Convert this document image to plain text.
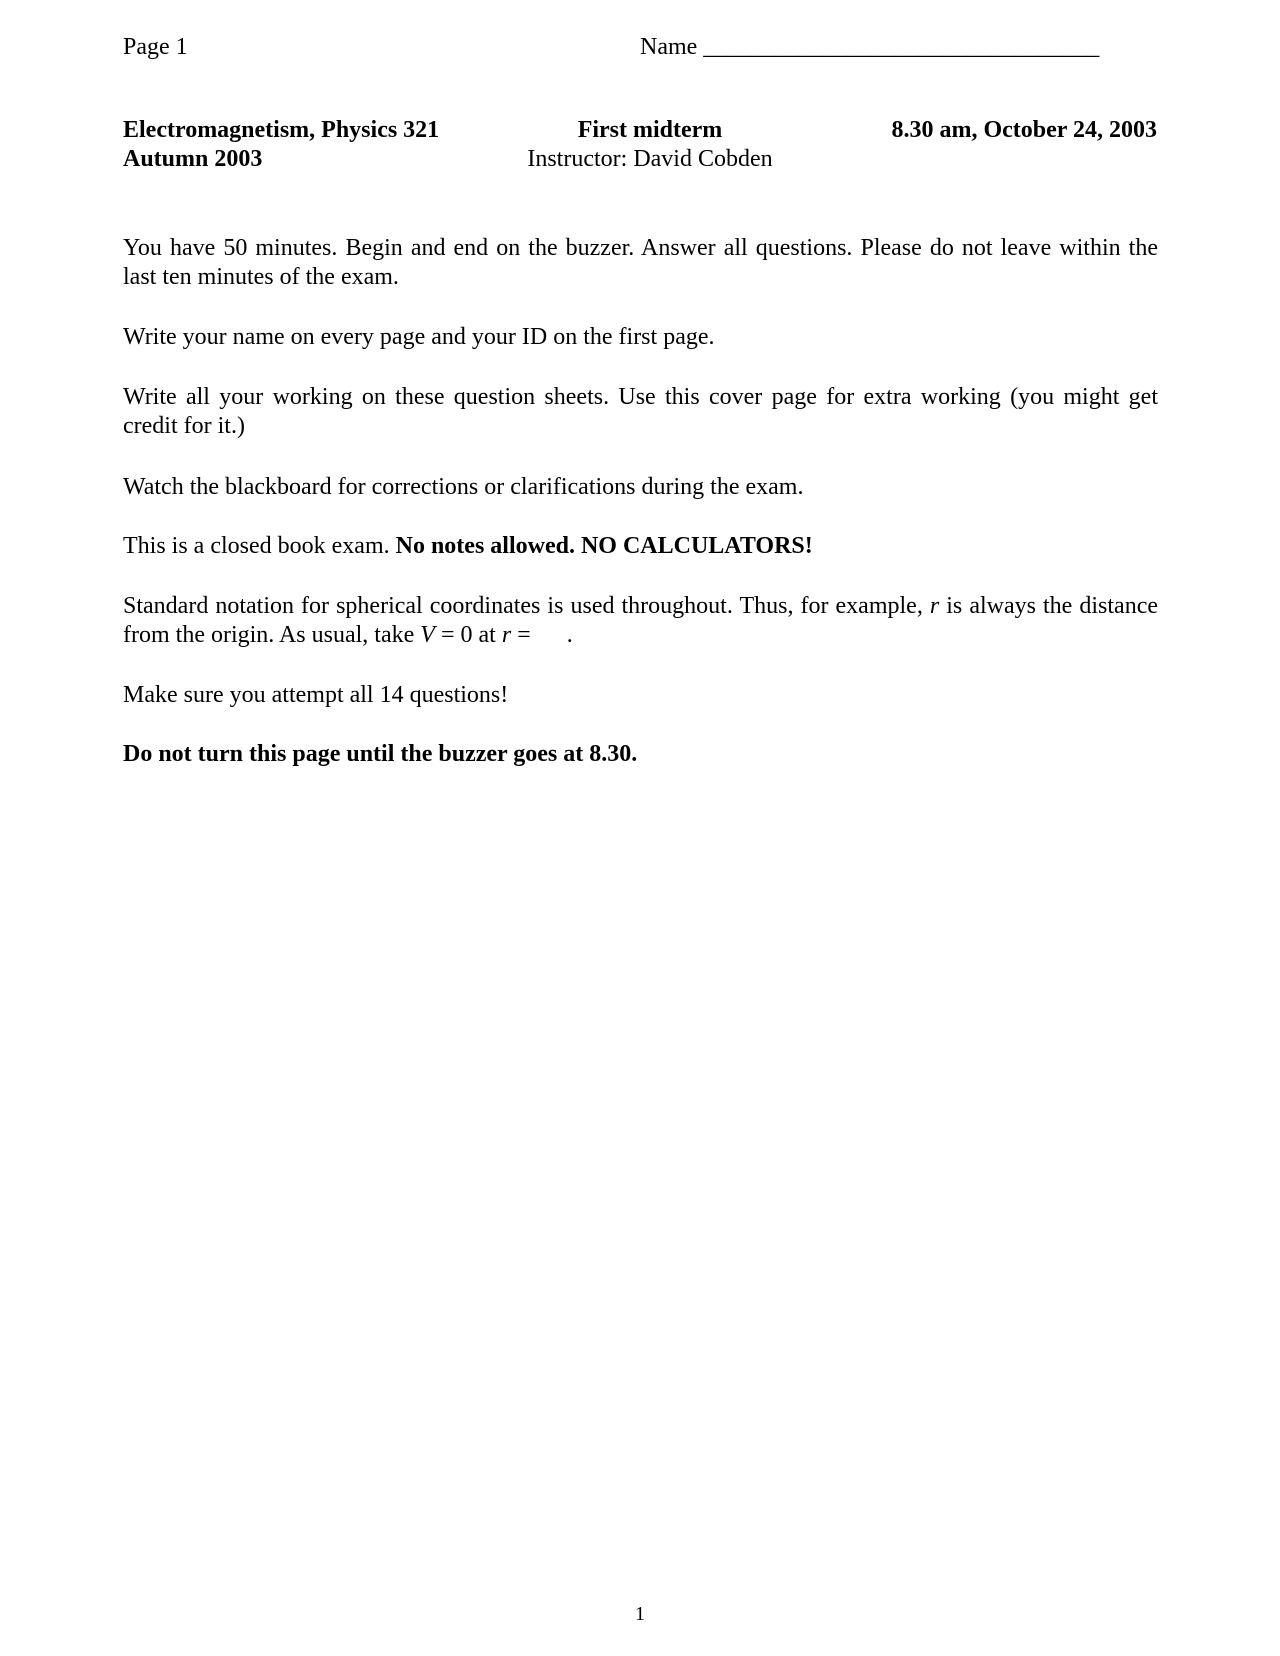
Page 1	Name _________________________________
Electromagnetism, Physics 321
Autumn 2003
First midterm
Instructor: David Cobden
8.30 am, October 24, 2003
You have 50 minutes. Begin and end on the buzzer. Answer all questions. Please do not leave within the last ten minutes of the exam.
Write your name on every page and your ID on the first page.
Write all your working on these question sheets. Use this cover page for extra working (you might get credit for it.)
Watch the blackboard for corrections or clarifications during the exam.
This is a closed book exam. No notes allowed. NO CALCULATORS!
Standard notation for spherical coordinates is used throughout. Thus, for example, r is always the distance from the origin. As usual, take V = 0 at r = .
Make sure you attempt all 14 questions!
Do not turn this page until the buzzer goes at 8.30.
1
